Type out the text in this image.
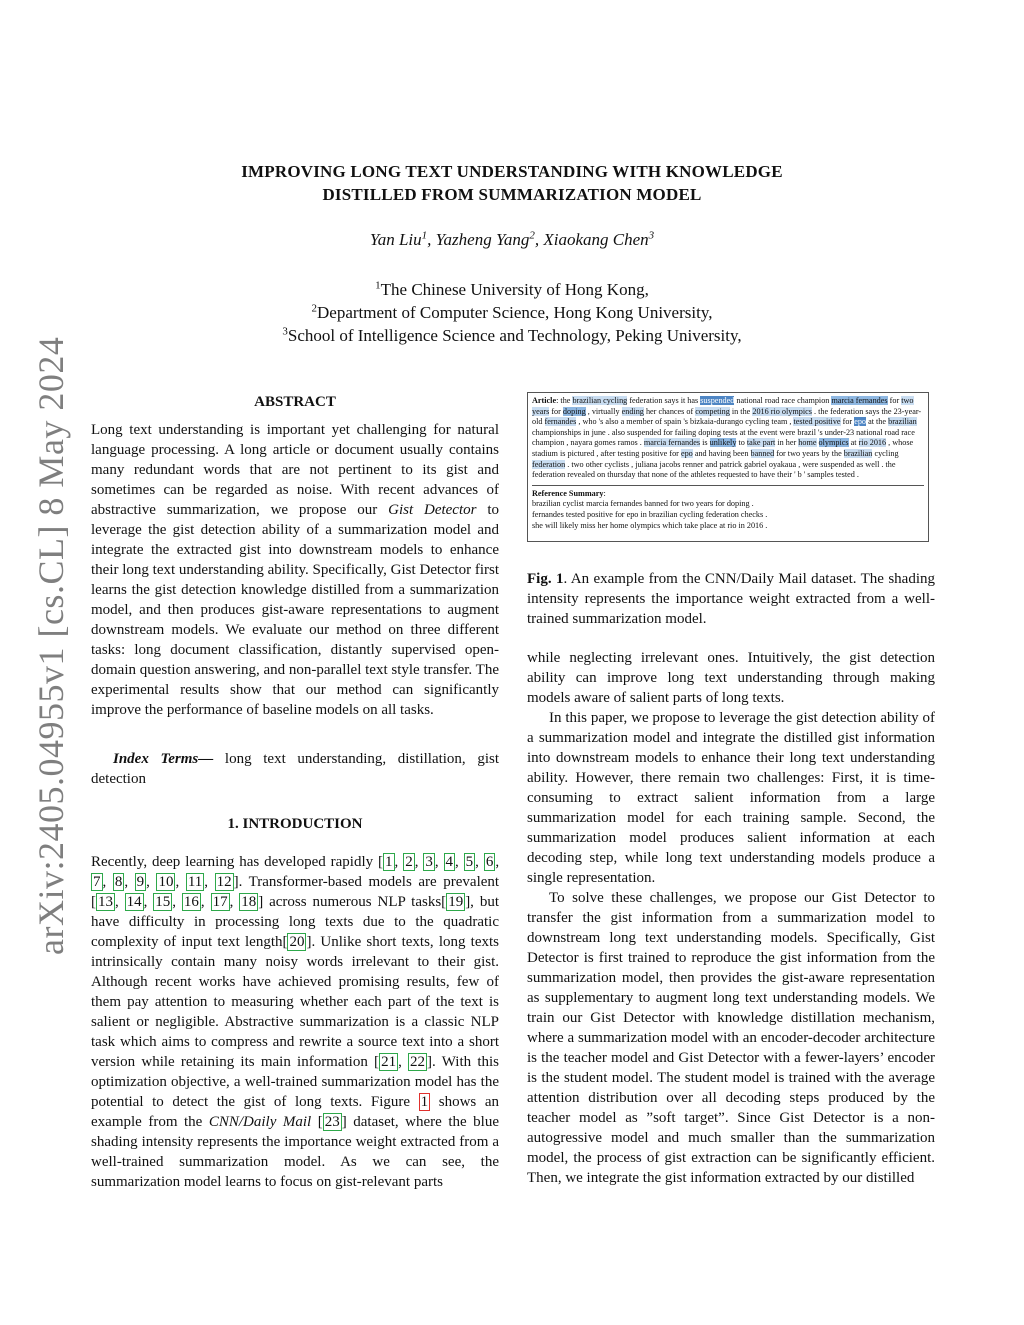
arXiv:2405.04955v1 [cs.CL] 8 May 2024
IMPROVING LONG TEXT UNDERSTANDING WITH KNOWLEDGE
DISTILLED FROM SUMMARIZATION MODEL
Yan Liu$^1$, Yazheng Yang$^2$, Xiaokang Chen$^3$
$^1$The Chinese University of Hong Kong,
$^2$Department of Computer Science, Hong Kong University,
$^3$School of Intelligence Science and Technology, Peking University,
ABSTRACT
Long text understanding is important yet challenging for natural language processing. A long article or document usually contains many redundant words that are not pertinent to its gist and sometimes can be regarded as noise. With recent advances of abstractive summarization, we propose our Gist Detector to leverage the gist detection ability of a summarization model and integrate the extracted gist into downstream models to enhance their long text understanding ability. Specifically, Gist Detector first learns the gist detection knowledge distilled from a summarization model, and then produces gist-aware representations to augment downstream models. We evaluate our method on three different tasks: long document classification, distantly supervised open-domain question answering, and non-parallel text style transfer. The experimental results show that our method can significantly improve the performance of baseline models on all tasks.
Index Terms— long text understanding, distillation, gist detection
1. INTRODUCTION
Recently, deep learning has developed rapidly [ 1 , 2 , 3 , 4 , 5 , 6 , 7 , 8 , 9 , 10 , 11 , 12 ]. Transformer-based models are prevalent [ 13 , 14 , 15 , 16 , 17 , 18 ] across numerous NLP tasks[ 19 ], but have difficulty in processing long texts due to the quadratic complexity of input text length[ 20 ]. Unlike short texts, long texts intrinsically contain many noisy words irrelevant to their gist. Although recent works have achieved promising results, few of them pay attention to measuring whether each part of the text is salient or negligible. Abstractive summarization is a classic NLP task which aims to compress and rewrite a source text into a short version while retaining its main information [ 21 , 22 ]. With this optimization objective, a well-trained summarization model has the potential to detect the gist of long texts. Figure 1 shows an example from the CNN/Daily Mail [ 23 ] dataset, where the blue shading intensity represents the importance weight extracted from a well-trained summarization model. As we can see, the summarization model learns to focus on gist-relevant parts
Article: the brazilian cycling federation says it has suspended national road race champion marcia fernandes for two years for doping , virtually ending her chances of competing in the 2016 rio olympics . the federation says the 23-year-old fernandes , who 's also a member of spain 's bizkaia-durango cycling team , tested positive for epo at the brazilian championships in june . also suspended for failing doping tests at the event were brazil 's under-23 national road race champion , nayara gomes ramos . marcia fernandes is unlikely to take part in her home olympics at rio 2016 , whose stadium is pictured , after testing positive for epo and having been banned for two years by the brazilian cycling federation . two other cyclists , juliana jacobs renner and patrick gabriel oyakaua , were suspended as well . the federation revealed on thursday that none of the athletes requested to have their ' b ' samples tested .
Reference Summary:
brazilian cyclist marcia fernandes banned for two years for doping .
fernandes tested positive for epo in brazilian cycling federation checks .
she will likely miss her home olympics which take place at rio in 2016 .
Fig. 1. An example from the CNN/Daily Mail dataset. The shading intensity represents the importance weight extracted from a well-trained summarization model.
while neglecting irrelevant ones. Intuitively, the gist detection ability can improve long text understanding through making models aware of salient parts of long texts.
In this paper, we propose to leverage the gist detection ability of a summarization model and integrate the distilled gist information into downstream models to enhance their long text understanding ability. However, there remain two challenges: First, it is time-consuming to extract salient information from a large summarization model for each training sample. Second, the summarization model produces salient information at each decoding step, while long text understanding models produce a single representation.
To solve these challenges, we propose our Gist Detector to transfer the gist information from a summarization model to downstream long text understanding models. Specifically, Gist Detector is first trained to reproduce the gist information from the summarization model, then provides the gist-aware representation as supplementary to augment long text understanding models. We train our Gist Detector with knowledge distillation mechanism, where a summarization model with an encoder-decoder architecture is the teacher model and Gist Detector with a fewer-layers’ encoder is the student model. The student model is trained with the average attention distribution over all decoding steps produced by the teacher model as ”soft target”. Since Gist Detector is a non-autogressive model and much smaller than the summarization model, the process of gist extraction can be significantly efficient. Then, we integrate the gist information extracted by our distilled
